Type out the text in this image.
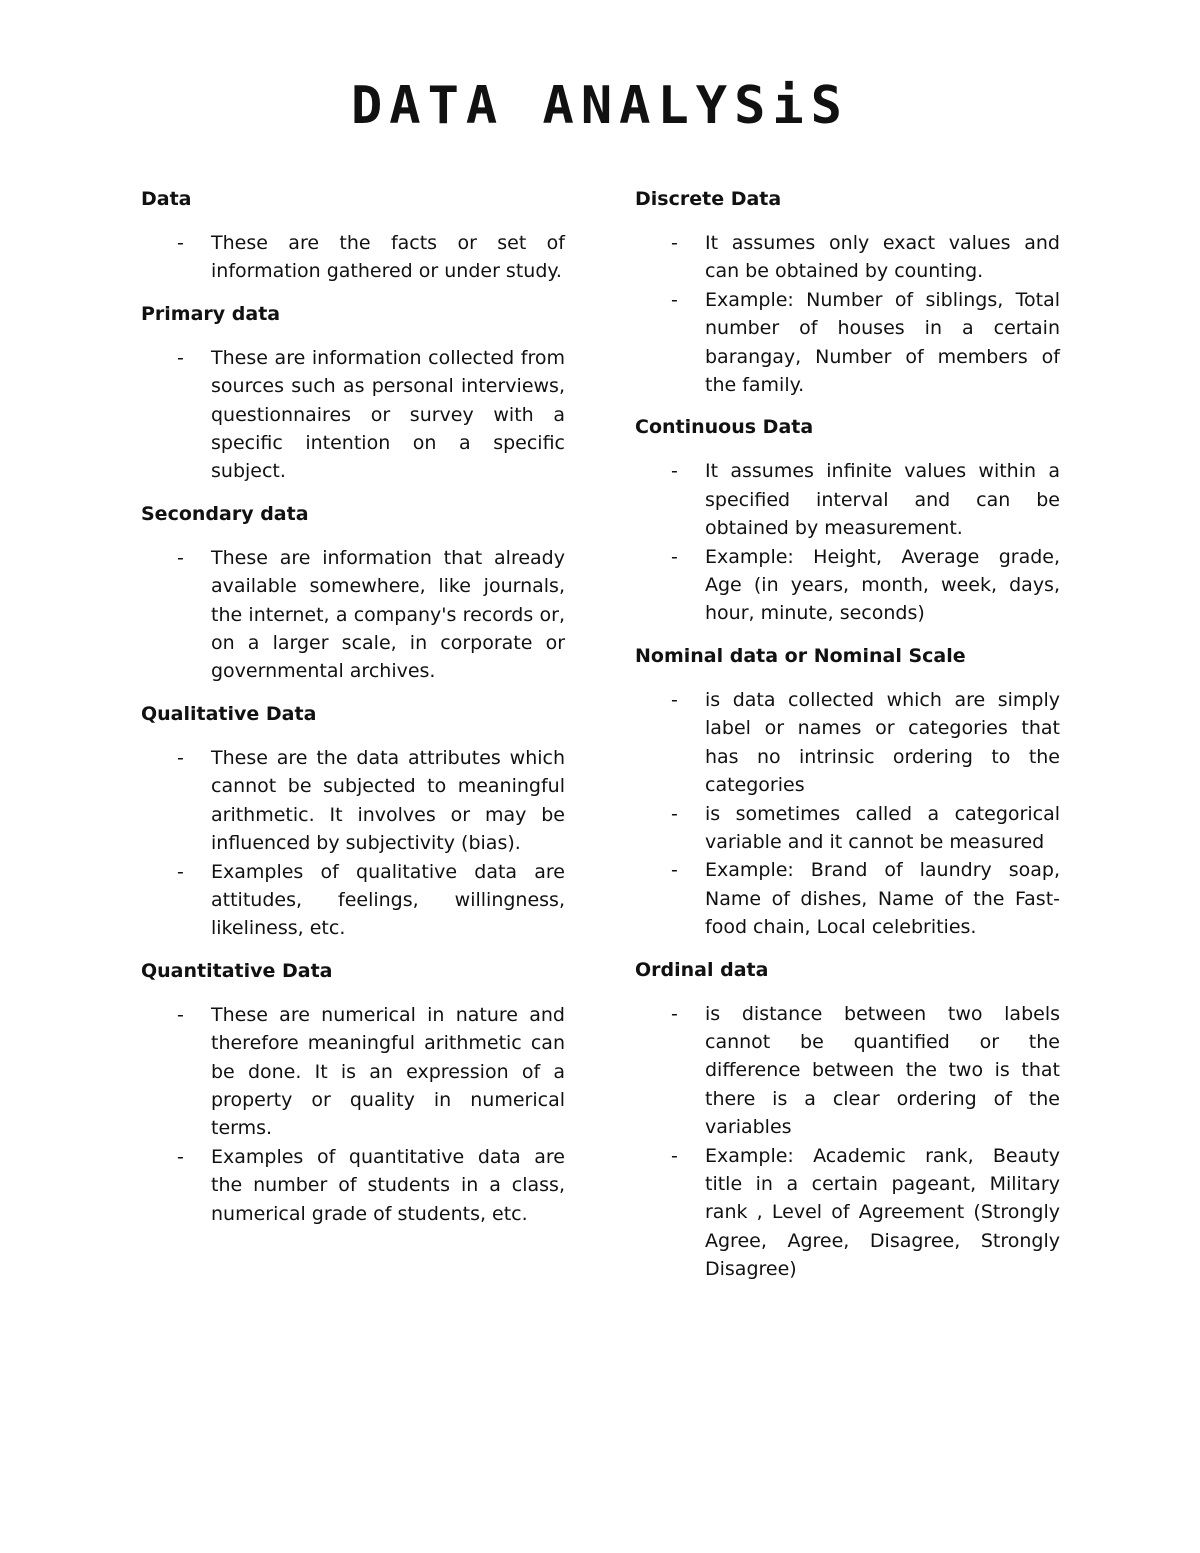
DATA ANALYSiS
Data
- These are the facts or set of information gathered or under study.
Primary data
- These are information collected from sources such as personal interviews, questionnaires or survey with a specific intention on a specific subject.
Secondary data
- These are information that already available somewhere, like journals, the internet, a company's records or, on a larger scale, in corporate or governmental archives.
Qualitative Data
- These are the data attributes which cannot be subjected to meaningful arithmetic. It involves or may be influenced by subjectivity (bias).
- Examples of qualitative data are attitudes, feelings, willingness, likeliness, etc.
Quantitative Data
- These are numerical in nature and therefore meaningful arithmetic can be done. It is an expression of a property or quality in numerical terms.
- Examples of quantitative data are the number of students in a class, numerical grade of students, etc.
Discrete Data
- It assumes only exact values and can be obtained by counting.
- Example: Number of siblings, Total number of houses in a certain barangay, Number of members of the family.
Continuous Data
- It assumes infinite values within a specified interval and can be obtained by measurement.
- Example: Height, Average grade, Age (in years, month, week, days, hour, minute, seconds)
Nominal data or Nominal Scale
- is data collected which are simply label or names or categories that has no intrinsic ordering to the categories
- is sometimes called a categorical variable and it cannot be measured
- Example: Brand of laundry soap, Name of dishes, Name of the Fast-food chain, Local celebrities.
Ordinal data
- is distance between two labels cannot be quantified or the difference between the two is that there is a clear ordering of the variables
- Example: Academic rank, Beauty title in a certain pageant, Military rank , Level of Agreement (Strongly Agree, Agree, Disagree, Strongly Disagree)
